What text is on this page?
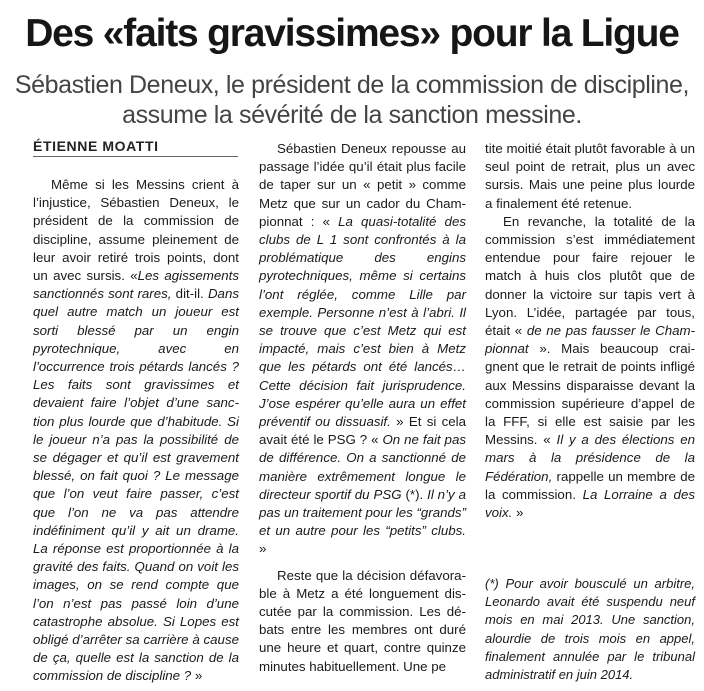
Des «faits gravissimes» pour la Ligue
Sébastien Deneux, le président de la commission de discipline, assume la sévérité de la sanction messine.
ÉTIENNE MOATTI

Même si les Messins crient à l’injustice, Sébastien Deneux, le président de la commission de discipline, assume pleinement de leur avoir retiré trois points, dont un avec sursis. «Les agissements sanctionnés sont rares, dit-il. Dans quel autre match un joueur est sorti blessé par un engin pyrotechnique, avec en l’occurrence trois pétards lancés ? Les faits sont gravissimes et devaient faire l’objet d’une sanction plus lourde que d’habitude. Si le joueur n’a pas la possibilité de se dégager et qu’il est gravement blessé, on fait quoi ? Le message que l’on veut faire passer, c’est que l’on ne va pas attendre indéfiniment qu’il y ait un drame. La réponse est proportionnée à la gravité des faits. Quand on voit les images, on se rend compte que l’on n’est pas passé loin d’une catastrophe absolue. Si Lopes est obligé d’arrêter sa carrière à cause de ça, quelle est la sanction de la commission de discipline ? »

Sébastien Deneux repousse au passage l’idée qu’il était plus facile de taper sur un « petit » comme Metz que sur un cador du Championnat : « La quasi-totalité des clubs de L 1 sont confrontés à la problématique des engins pyrotechniques, même si certains l’ont réglée, comme Lille par exemple. Personne n’est à l’abri. Il se trouve que c’est Metz qui est impacté, mais c’est bien à Metz que les pétards ont été lancés… Cette décision fait jurisprudence. J’ose espérer qu’elle aura un effet préventif ou dissuasif. » Et si cela avait été le PSG ? « On ne fait pas de différence. On a sanctionné de manière extrêmement longue le directeur sportif du PSG (*). Il n’y a pas un traitement pour les “grands” et un autre pour les “petits” clubs. »

Reste que la décision défavorable à Metz a été longuement discutée par la commission. Les débats entre les membres ont duré une heure et quart, contre quinze minutes habituellement. Une pe

tite moitié était plutôt favorable à un seul point de retrait, plus un avec sursis. Mais une peine plus lourde a finalement été retenue.

En revanche, la totalité de la commission s’est immédiatement entendue pour faire rejouer le match à huis clos plutôt que de donner la victoire sur tapis vert à Lyon. L’idée, partagée par tous, était « de ne pas fausser le Championnat ». Mais beaucoup craignent que le retrait de points infligé aux Messins disparaisse devant la commission supérieure d’appel de la FFF, si elle est saisie par les Messins. « Il y a des élections en mars à la présidence de la Fédération, rappelle un membre de la commission. La Lorraine a des voix. »

(*) Pour avoir bousculé un arbitre, Leonardo avait été suspendu neuf mois en mai 2013. Une sanction, alourdie de trois mois en appel, finalement annulée par le tribunal administratif en juin 2014.
